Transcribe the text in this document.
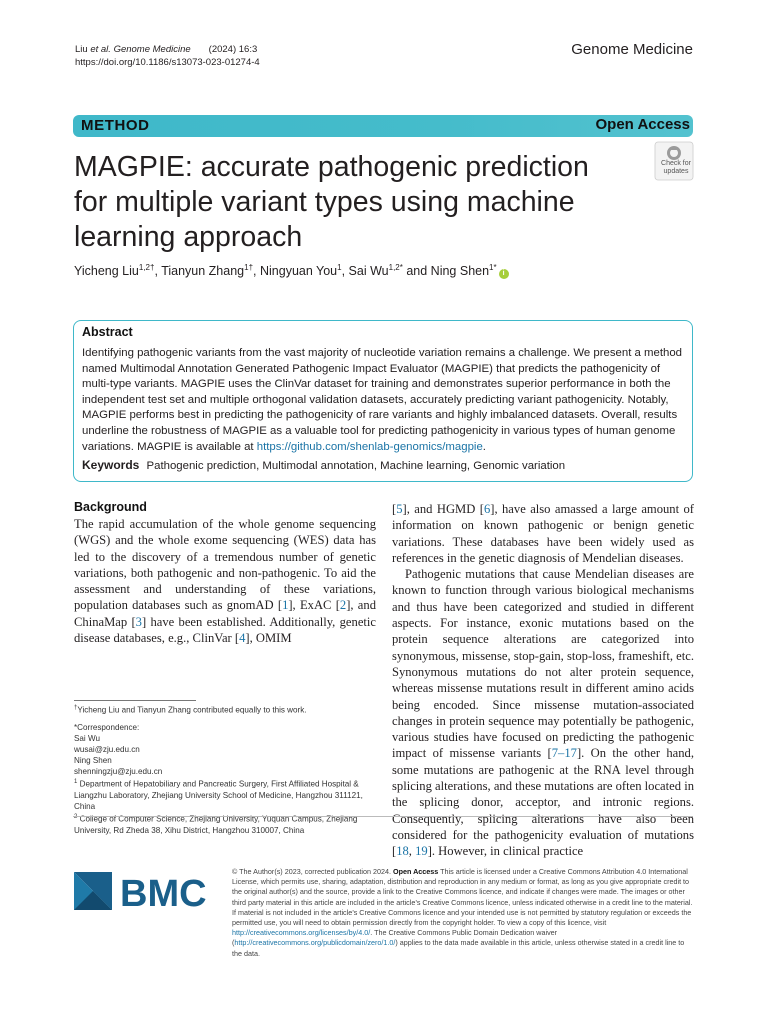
Liu et al. Genome Medicine (2024) 16:3
https://doi.org/10.1186/s13073-023-01274-4
Genome Medicine
METHOD	Open Access
MAGPIE: accurate pathogenic prediction for multiple variant types using machine learning approach
Check for
updates
Yicheng Liu$^{1,2\dagger}$, Tianyun Zhang$^{1\dagger}$, Ningyuan You$^1$, Sai $Wu^{1,2*}$ and Ning Shen$^{1*}$i
Abstract
Identifying pathogenic variants from the vast majority of nucleotide variation remains a challenge. We present a method named Multimodal Annotation Generated Pathogenic Impact Evaluator (MAGPIE) that predicts the pathogenicity of multi-type variants. MAGPIE uses the ClinVar dataset for training and demonstrates superior performance in both the independent test set and multiple orthogonal validation datasets, accurately predicting variant pathogenicity. Notably, MAGPIE performs best in predicting the pathogenicity of rare variants and highly imbalanced datasets. Overall, results underline the robustness of MAGPIE as a valuable tool for predicting pathogenicity in various types of human genome variations. MAGPIE is available at https://github.com/shenlab-genomics/magpie.
Keywords Pathogenic prediction, Multimodal annotation, Machine learning, Genomic variation
Background
The rapid accumulation of the whole genome sequencing (WGS) and the whole exome sequencing (WES) data has led to the discovery of a tremendous number of genetic variations, both pathogenic and non-pathogenic. To aid the assessment and understanding of these variations, population databases such as gnomAD [1], ExAC [2], and ChinaMap [3] have been established. Additionally, genetic disease databases, e.g., ClinVar [4], OMIM
†Yicheng Liu and Tianyun Zhang contributed equally to this work.
*Correspondence:
Sai Wu
wusai@zju.edu.cn
Ning Shen
shenningzju@zju.edu.cn
$^1$ Department of Hepatobiliary and Pancreatic Surgery, First Affiliated Hospital & Liangzhu Laboratory, Zhejiang University School of Medicine, Hangzhou 311121, China
$^2$ College of Computer Science, Zhejiang University, Yuquan Campus, Zhejiang University, Rd Zheda 38, Xihu District, Hangzhou 310007, China
[5], and HGMD [6], have also amassed a large amount of information on known pathogenic or benign genetic variations. These databases have been widely used as references in the genetic diagnosis of Mendelian diseases.
Pathogenic mutations that cause Mendelian diseases are known to function through various biological mechanisms and thus have been categorized and studied in different aspects. For instance, exonic mutations based on the protein sequence alterations are categorized into synonymous, missense, stop-gain, stop-loss, frameshift, etc. Synonymous mutations do not alter protein sequence, whereas missense mutations result in different amino acids being encoded. Since missense mutation-associated changes in protein sequence may potentially be pathogenic, various studies have focused on predicting the pathogenic impact of missense variants [7–17]. On the other hand, some mutations are pathogenic at the RNA level through splicing alterations, and these mutations are often located in the splicing donor, acceptor, and intronic regions. Consequently, splicing alterations have also been considered for the pathogenicity evaluation of mutations [18, 19]. However, in clinical practice
BMC
© The Author(s) 2023, corrected publication 2024. Open Access This article is licensed under a Creative Commons Attribution 4.0 International License, which permits use, sharing, adaptation, distribution and reproduction in any medium or format, as long as you give appropriate credit to the original author(s) and the source, provide a link to the Creative Commons licence, and indicate if changes were made. The images or other third party material in this article are included in the article’s Creative Commons licence, unless indicated otherwise in a credit line to the material. If material is not included in the article’s Creative Commons licence and your intended use is not permitted by statutory regulation or exceeds the permitted use, you will need to obtain permission directly from the copyright holder. To view a copy of this licence, visit http://creativecommons.org/licenses/by/4.0/. The Creative Commons Public Domain Dedication waiver (http://creativecommons.org/publicdomain/zero/1.0/) applies to the data made available in this article, unless otherwise stated in a credit line to the data.
